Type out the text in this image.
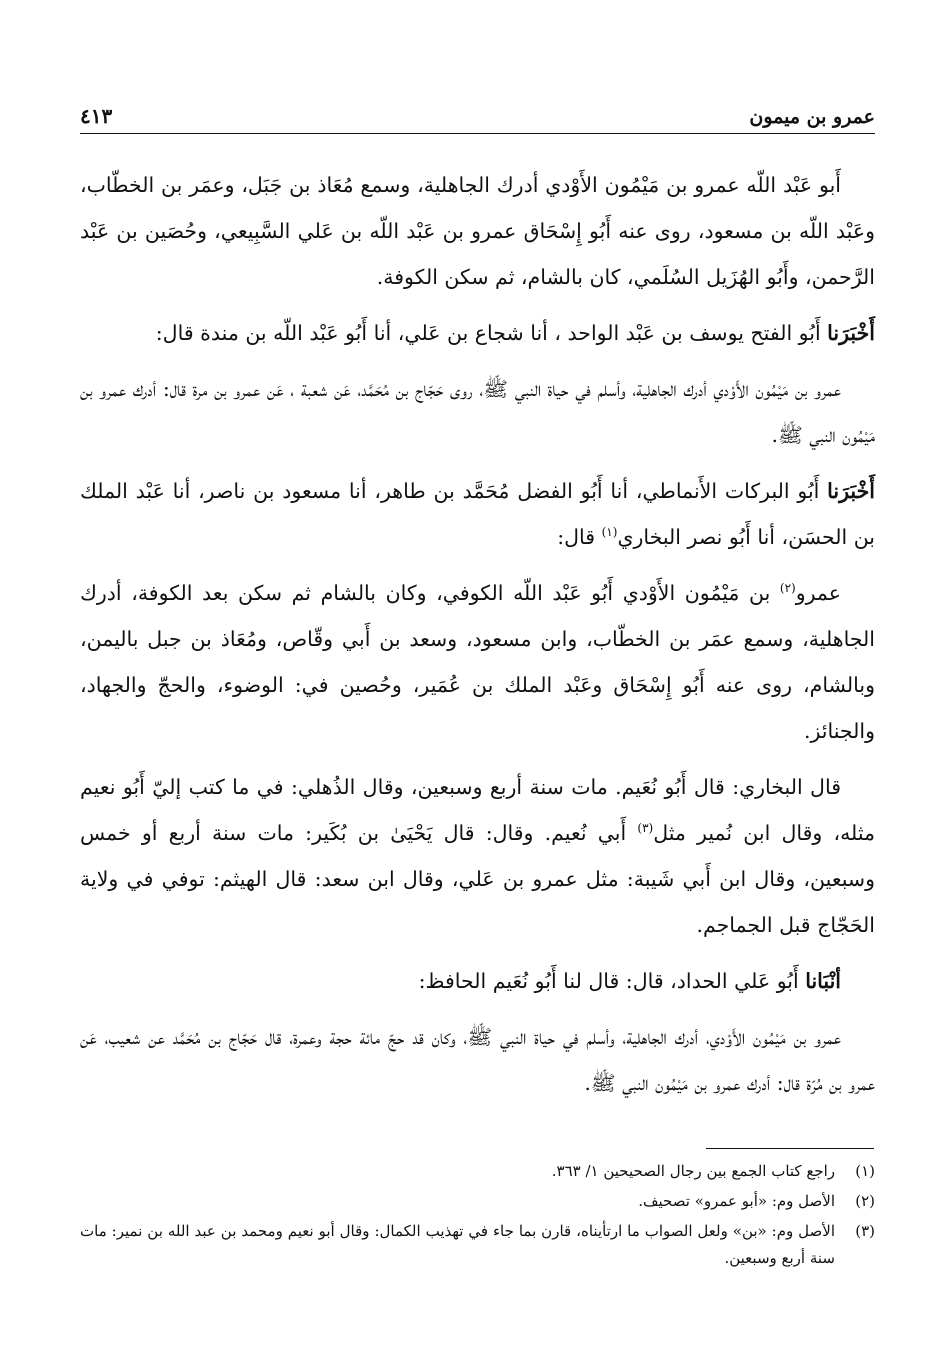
عمرو بن ميمون
٤١٣

أَبو عَبْد اللّه عمرو بن مَيْمُون الأَوْدي أدرك الجاهلية، وسمع مُعَاذ بن جَبَل، وعمَر بن الخطّاب، وعَبْد اللّه بن مسعود، روى عنه أَبُو إِسْحَاق عمرو بن عَبْد اللّه بن عَلي السَّبِيعي، وحُصَين بن عَبْد الرَّحمن، وأَبُو الهُزَيل السُلَمي، كان بالشام، ثم سكن الكوفة.

أَخْبَرَنا أَبُو الفتح يوسف بن عَبْد الواحد ، أنا شجاع بن عَلي، أنا أَبُو عَبْد اللّه بن مندة قال:

عمرو بن مَيْمُون الأَوْدي أدرك الجاهلية، وأسلم في حياة النبي ﷺ، روى حَجّاج بن مُحَمَّد، عَن شعبة ، عَن عمرو بن مرة قال: أدرك عمرو بن مَيْمُون النبي ﷺ.

أَخْبَرَنا أَبُو البركات الأَنماطي، أنا أَبُو الفضل مُحَمَّد بن طاهر، أنا مسعود بن ناصر، أنا عَبْد الملك بن الحسَن، أنا أَبُو نصر البخاري$^{(١)}$ قال:

عمرو$^{(٢)}$ بن مَيْمُون الأَوْدي أَبُو عَبْد اللّه الكوفي، وكان بالشام ثم سكن بعد الكوفة، أدرك الجاهلية، وسمع عمَر بن الخطّاب، وابن مسعود، وسعد بن أَبي وقّاص، ومُعَاذ بن جبل باليمن، وبالشام، روى عنه أَبُو إِسْحَاق وعَبْد الملك بن عُمَير، وحُصين في: الوضوء، والحجّ والجهاد، والجنائز.

قال البخاري: قال أَبُو نُعَيم. مات سنة أربع وسبعين، وقال الذُهلي: في ما كتب إليّ أَبُو نعيم مثله، وقال ابن نُمير مثل$^{(٣)}$ أَبي نُعيم. وقال: قال يَحْيَىٰ بن بُكَير: مات سنة أربع أو خمس وسبعين، وقال ابن أَبي شَيبة: مثل عمرو بن عَلي، وقال ابن سعد: قال الهيثم: توفي في ولاية الحَجّاج قبل الجماجم.

أنْبَانا أَبُو عَلي الحداد، قال: قال لنا أَبُو نُعَيم الحافظ:

عمرو بن مَيْمُون الأَوْدي، أدرك الجاهلية، وأسلم في حياة النبي ﷺ، وكان قد حجّ مائة حجة وعمرة، قال حَجّاج بن مُحَمَّد عن شعيب، عَن عمرو بن مُرّة قال: أدرك عمرو بن مَيْمُون النبي ﷺ.

(١)
راجع كتاب الجمع بين رجال الصحيحين ١/ ٣٦٣.
(٢)
الأصل وم: «أبو عمرو» تصحيف.
(٣)
الأصل وم: «بن» ولعل الصواب ما ارتأيناه، قارن بما جاء في تهذيب الكمال: وقال أبو نعيم ومحمد بن عبد الله بن نمير: مات سنة أربع وسبعين.
